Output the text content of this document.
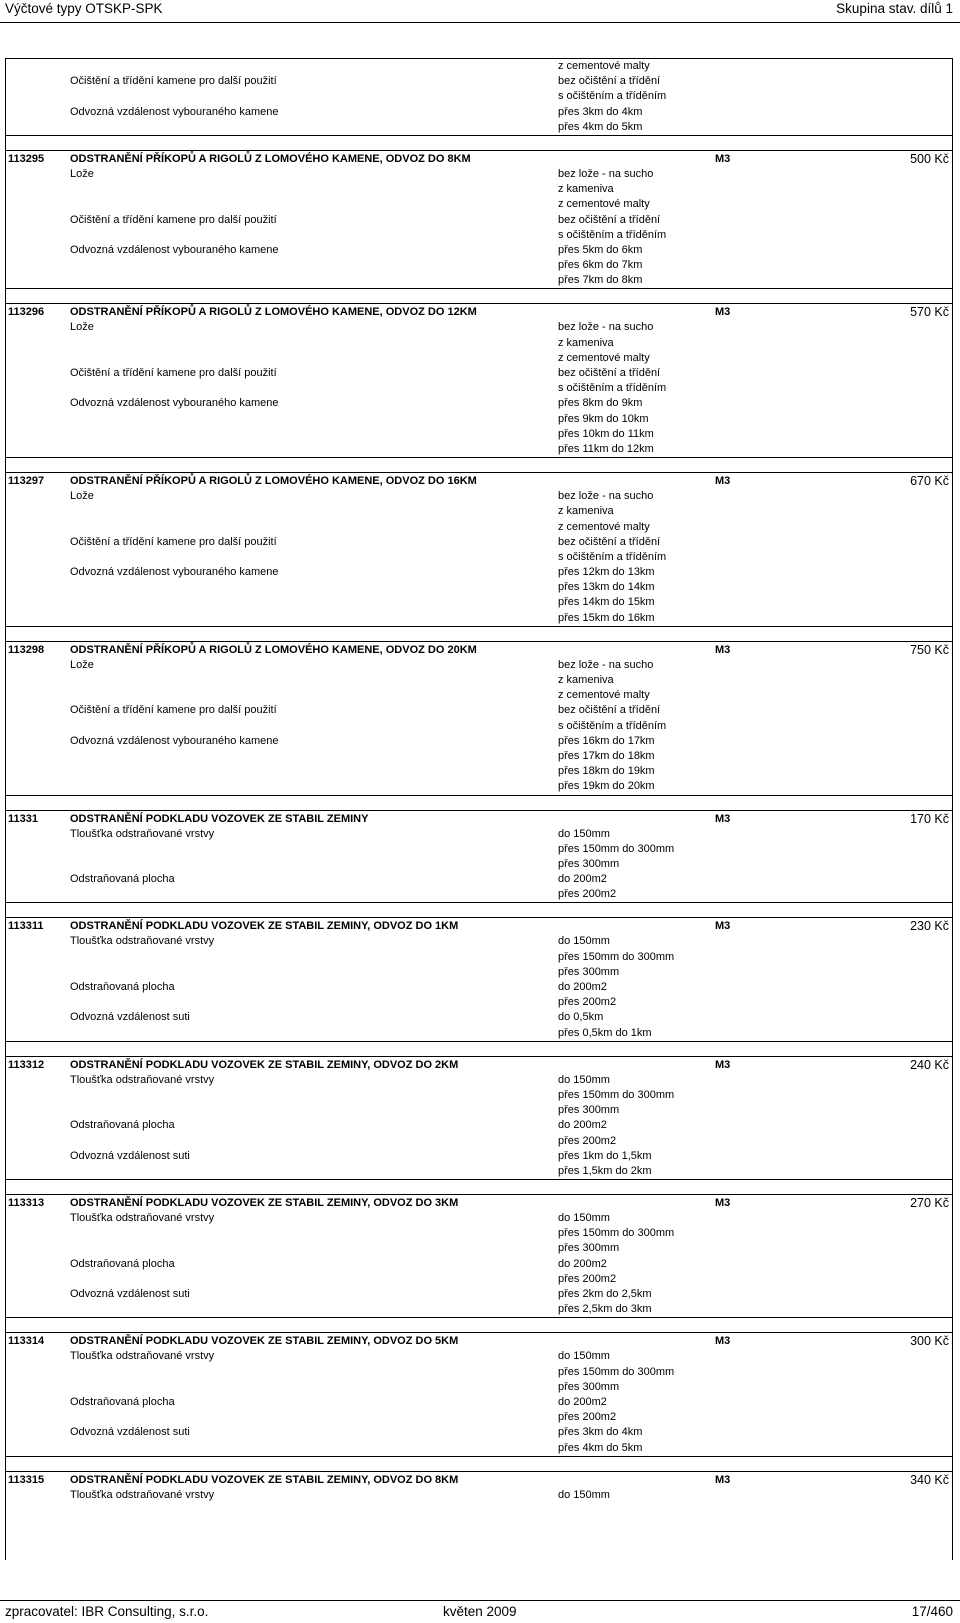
Výčtové typy OTSKP-SPK	Skupina stav. dílů 1
z cementové malty
Očištění a třídění kamene pro další použití	bez očištění a třídění
s očištěním a tříděním
Odvozná vzdálenost vybouraného kamene	přes 3km do 4km
přes 4km do 5km
113295 ODSTRANĚNÍ PŘÍKOPŮ A RIGOLŮ Z LOMOVÉHO KAMENE, ODVOZ DO 8KM	M3	500 Kč
Lože	bez lože - na sucho
z kameniva
z cementové malty
Očištění a třídění kamene pro další použití	bez očištění a třídění
s očištěním a tříděním
Odvozná vzdálenost vybouraného kamene	přes 5km do 6km
přes 6km do 7km
přes 7km do 8km
113296 ODSTRANĚNÍ PŘÍKOPŮ A RIGOLŮ Z LOMOVÉHO KAMENE, ODVOZ DO 12KM	M3	570 Kč
Lože	bez lože - na sucho
z kameniva
z cementové malty
Očištění a třídění kamene pro další použití	bez očištění a třídění
s očištěním a tříděním
Odvozná vzdálenost vybouraného kamene	přes 8km do 9km
přes 9km do 10km
přes 10km do 11km
přes 11km do 12km
113297 ODSTRANĚNÍ PŘÍKOPŮ A RIGOLŮ Z LOMOVÉHO KAMENE, ODVOZ DO 16KM	M3	670 Kč
Lože	bez lože - na sucho
z kameniva
z cementové malty
Očištění a třídění kamene pro další použití	bez očištění a třídění
s očištěním a tříděním
Odvozná vzdálenost vybouraného kamene	přes 12km do 13km
přes 13km do 14km
přes 14km do 15km
přes 15km do 16km
113298 ODSTRANĚNÍ PŘÍKOPŮ A RIGOLŮ Z LOMOVÉHO KAMENE, ODVOZ DO 20KM	M3	750 Kč
Lože	bez lože - na sucho
z kameniva
z cementové malty
Očištění a třídění kamene pro další použití	bez očištění a třídění
s očištěním a tříděním
Odvozná vzdálenost vybouraného kamene	přes 16km do 17km
přes 17km do 18km
přes 18km do 19km
přes 19km do 20km
11331	ODSTRANĚNÍ PODKLADU VOZOVEK ZE STABIL ZEMINY	M3	170 Kč
Tloušťka odstraňované vrstvy	do 150mm
přes 150mm do 300mm
přes 300mm
Odstraňovaná plocha	do 200m2
přes 200m2
113311 ODSTRANĚNÍ PODKLADU VOZOVEK ZE STABIL ZEMINY, ODVOZ DO 1KM	M3	230 Kč
Tloušťka odstraňované vrstvy	do 150mm
přes 150mm do 300mm
přes 300mm
Odstraňovaná plocha	do 200m2
přes 200m2
Odvozná vzdálenost suti	do 0,5km
přes 0,5km do 1km
113312 ODSTRANĚNÍ PODKLADU VOZOVEK ZE STABIL ZEMINY, ODVOZ DO 2KM	M3	240 Kč
Tloušťka odstraňované vrstvy	do 150mm
přes 150mm do 300mm
přes 300mm
Odstraňovaná plocha	do 200m2
přes 200m2
Odvozná vzdálenost suti	přes 1km do 1,5km
přes 1,5km do 2km
113313 ODSTRANĚNÍ PODKLADU VOZOVEK ZE STABIL ZEMINY, ODVOZ DO 3KM	M3	270 Kč
Tloušťka odstraňované vrstvy	do 150mm
přes 150mm do 300mm
přes 300mm
Odstraňovaná plocha	do 200m2
přes 200m2
Odvozná vzdálenost suti	přes 2km do 2,5km
přes 2,5km do 3km
113314 ODSTRANĚNÍ PODKLADU VOZOVEK ZE STABIL ZEMINY, ODVOZ DO 5KM	M3	300 Kč
Tloušťka odstraňované vrstvy	do 150mm
přes 150mm do 300mm
přes 300mm
Odstraňovaná plocha	do 200m2
přes 200m2
Odvozná vzdálenost suti	přes 3km do 4km
přes 4km do 5km
113315 ODSTRANĚNÍ PODKLADU VOZOVEK ZE STABIL ZEMINY, ODVOZ DO 8KM	M3	340 Kč
Tloušťka odstraňované vrstvy	do 150mm
zpracovatel: IBR Consulting, s.r.o.	květen 2009	17/460
